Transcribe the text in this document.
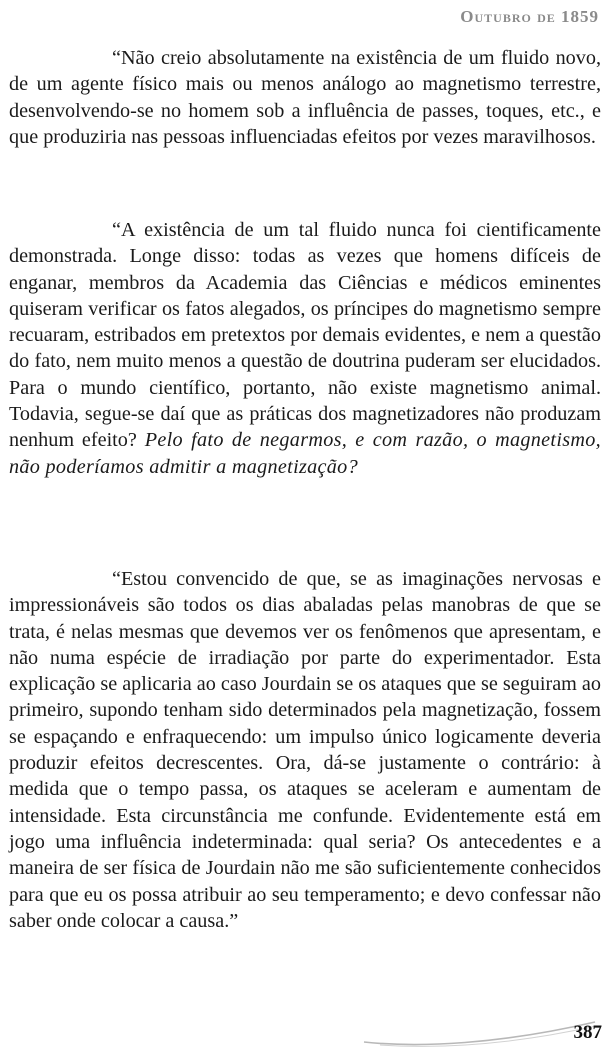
Outubro de 1859

“Não creio absolutamente na existência de um fluido novo, de um agente físico mais ou menos análogo ao magnetismo terrestre, desenvolvendo-se no homem sob a influência de passes, toques, etc., e que produziria nas pessoas influenciadas efeitos por vezes maravilhosos.

“A existência de um tal fluido nunca foi cientificamente demonstrada. Longe disso: todas as vezes que homens difíceis de enganar, membros da Academia das Ciências e médicos eminentes quiseram verificar os fatos alegados, os príncipes do magnetismo sempre recuaram, estribados em pretextos por demais evidentes, e nem a questão do fato, nem muito menos a questão de doutrina puderam ser elucidados. Para o mundo científico, portanto, não existe magnetismo animal. Todavia, segue-se daí que as práticas dos magnetizadores não produzam nenhum efeito? Pelo fato de negarmos, e com razão, o magnetismo, não poderíamos admitir a magnetização?

“Estou convencido de que, se as imaginações nervosas e impressionáveis são todos os dias abaladas pelas manobras de que se trata, é nelas mesmas que devemos ver os fenômenos que apresentam, e não numa espécie de irradiação por parte do experimentador. Esta explicação se aplicaria ao caso Jourdain se os ataques que se seguiram ao primeiro, supondo tenham sido determinados pela magnetização, fossem se espaçando e enfraquecendo: um impulso único logicamente deveria produzir efeitos decrescentes. Ora, dá-se justamente o contrário: à medida que o tempo passa, os ataques se aceleram e aumentam de intensidade. Esta circunstância me confunde. Evidentemente está em jogo uma influência indeterminada: qual seria? Os antecedentes e a maneira de ser física de Jourdain não me são suficientemente conhecidos para que eu os possa atribuir ao seu temperamento; e devo confessar não saber onde colocar a causa.”

387
